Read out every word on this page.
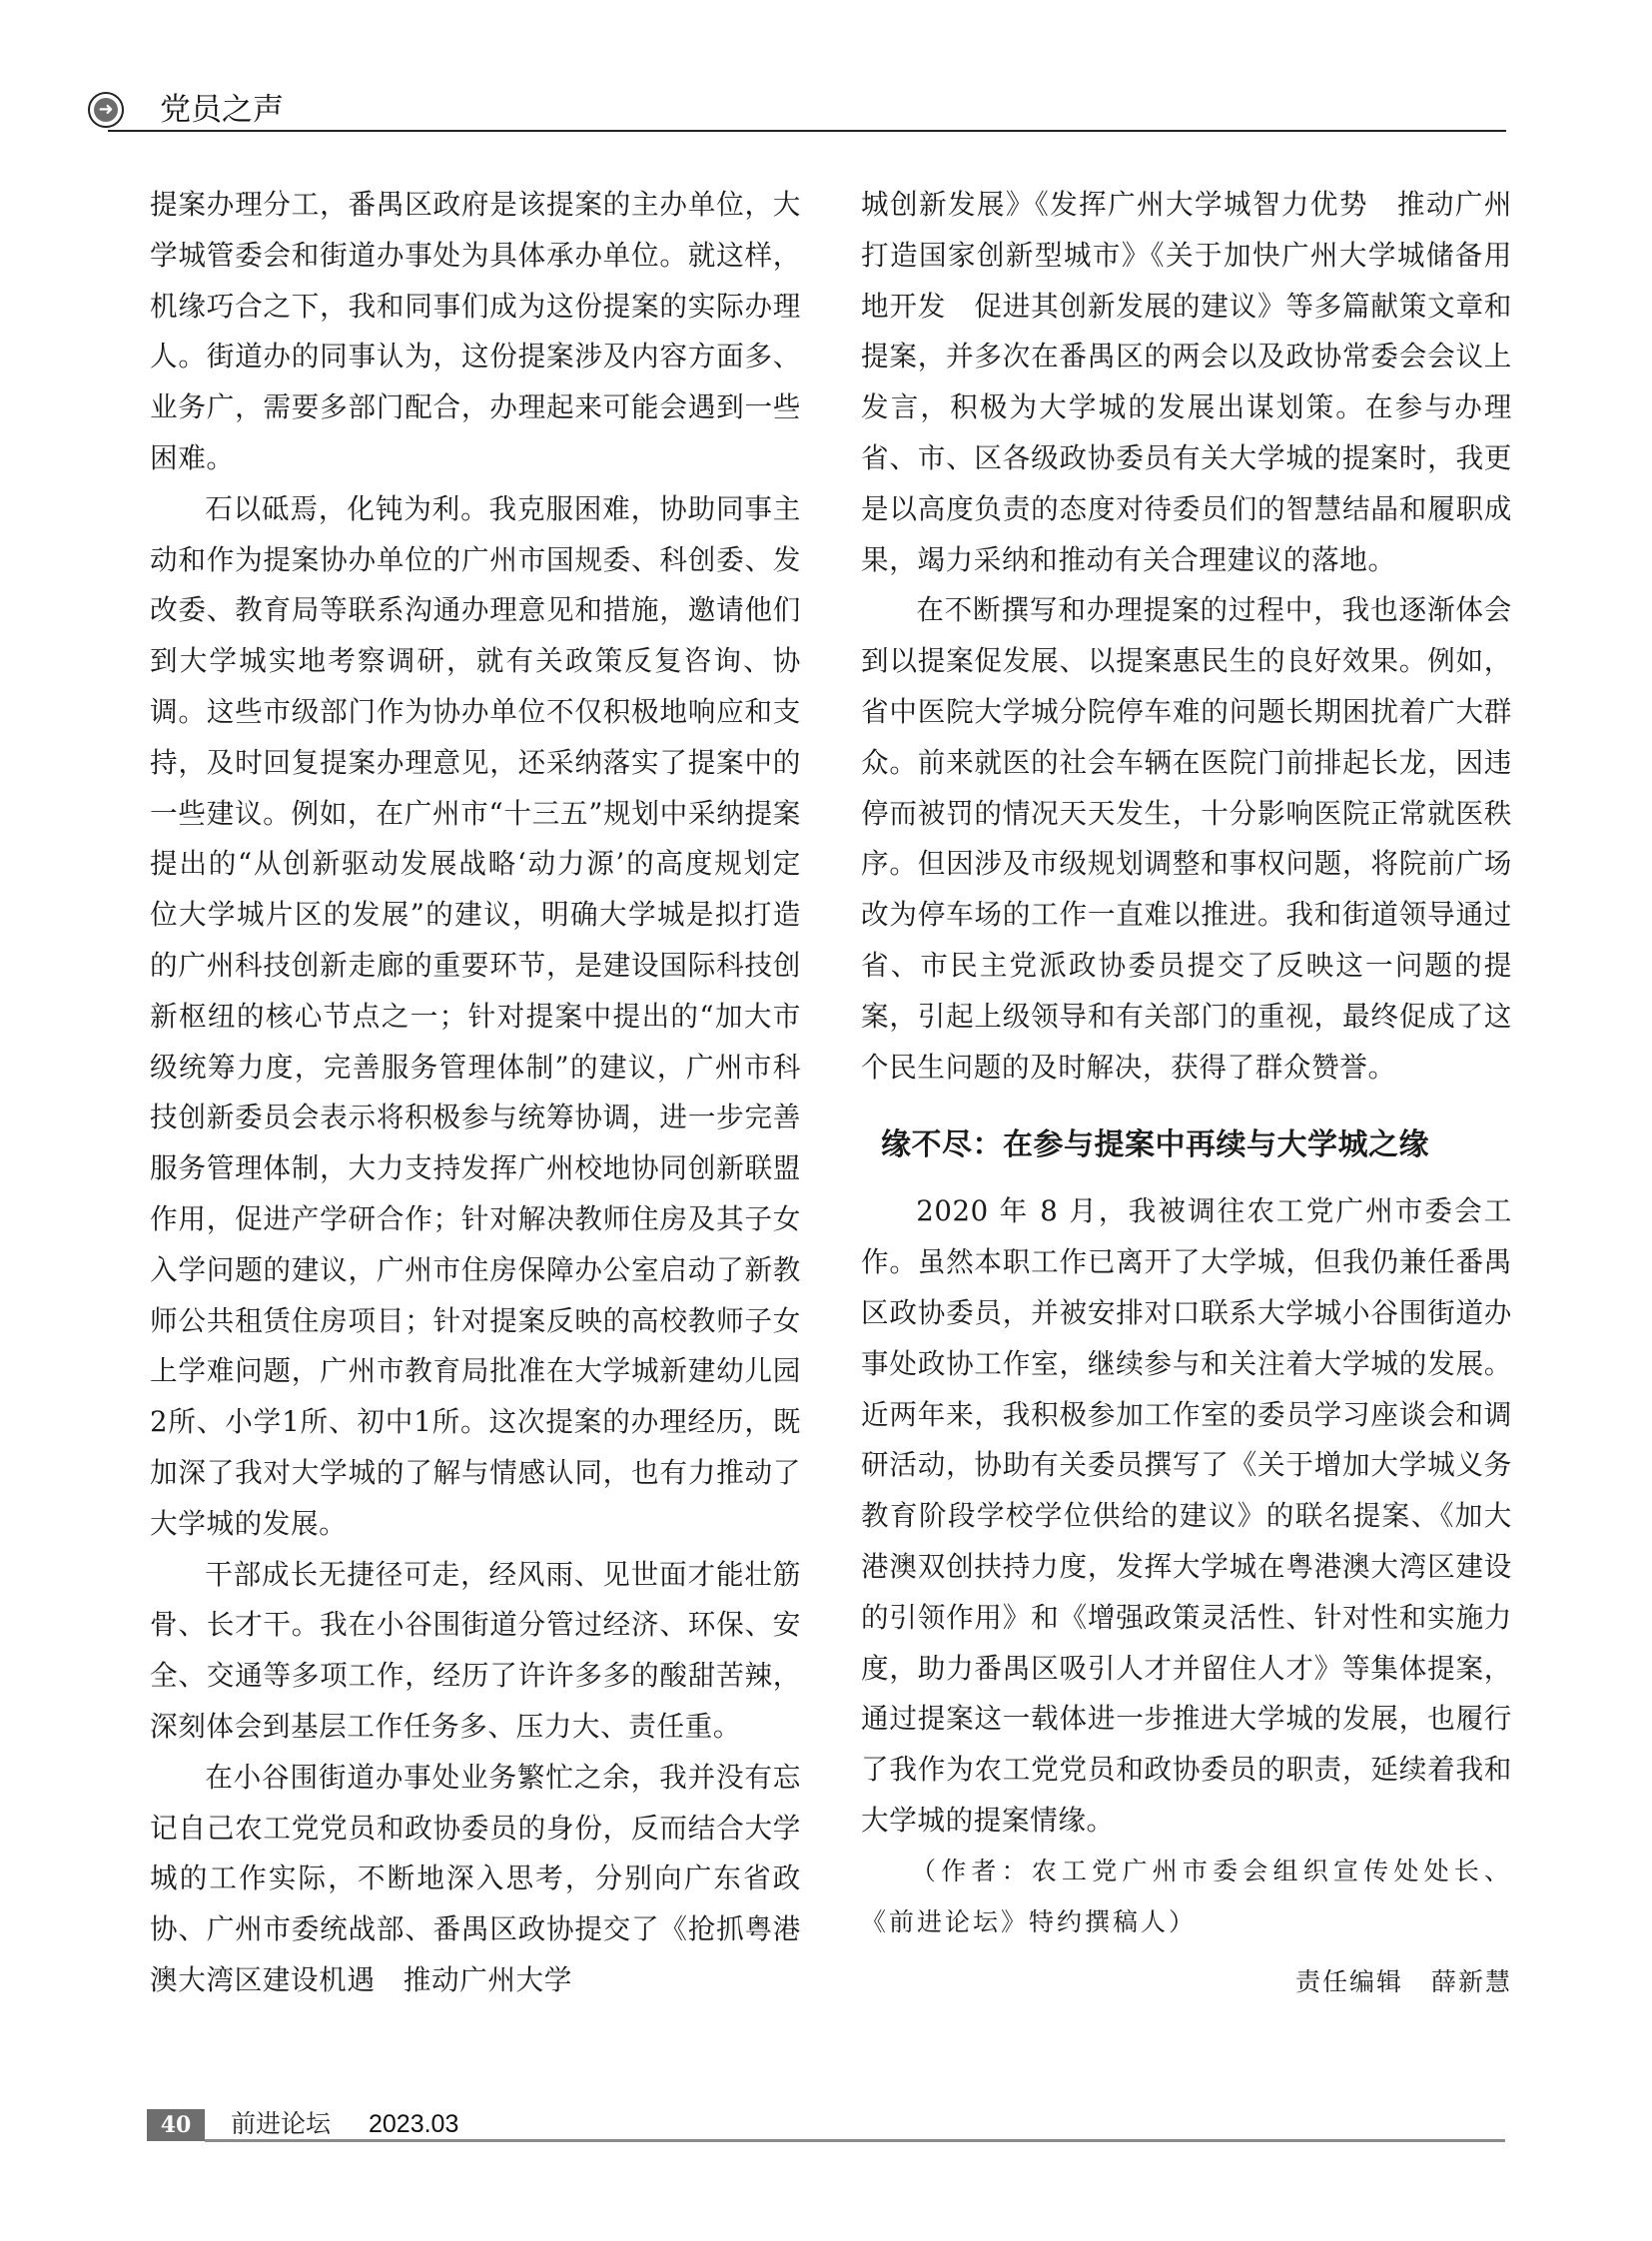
➜ 党员之声

提案办理分工，番禺区政府是该提案的主办单位，大学城管委会和街道办事处为具体承办单位。就这样，机缘巧合之下，我和同事们成为这份提案的实际办理人。街道办的同事认为，这份提案涉及内容方面多、业务广，需要多部门配合，办理起来可能会遇到一些困难。

石以砥焉，化钝为利。我克服困难，协助同事主动和作为提案协办单位的广州市国规委、科创委、发改委、教育局等联系沟通办理意见和措施，邀请他们到大学城实地考察调研，就有关政策反复咨询、协调。这些市级部门作为协办单位不仅积极地响应和支持，及时回复提案办理意见，还采纳落实了提案中的一些建议。例如，在广州市“十三五”规划中采纳提案提出的“从创新驱动发展战略‘动力源’的高度规划定位大学城片区的发展”的建议，明确大学城是拟打造的广州科技创新走廊的重要环节，是建设国际科技创新枢纽的核心节点之一；针对提案中提出的“加大市级统筹力度，完善服务管理体制”的建议，广州市科技创新委员会表示将积极参与统筹协调，进一步完善服务管理体制，大力支持发挥广州校地协同创新联盟作用，促进产学研合作；针对解决教师住房及其子女入学问题的建议，广州市住房保障办公室启动了新教师公共租赁住房项目；针对提案反映的高校教师子女上学难问题，广州市教育局批准在大学城新建幼儿园2所、小学1所、初中1所。这次提案的办理经历，既加深了我对大学城的了解与情感认同，也有力推动了大学城的发展。

干部成长无捷径可走，经风雨、见世面才能壮筋骨、长才干。我在小谷围街道分管过经济、环保、安全、交通等多项工作，经历了许许多多的酸甜苦辣，深刻体会到基层工作任务多、压力大、责任重。

在小谷围街道办事处业务繁忙之余，我并没有忘记自己农工党党员和政协委员的身份，反而结合大学城的工作实际，不断地深入思考，分别向广东省政协、广州市委统战部、番禺区政协提交了《抢抓粤港澳大湾区建设机遇　推动广州大学

城创新发展》《发挥广州大学城智力优势　推动广州打造国家创新型城市》《关于加快广州大学城储备用地开发　促进其创新发展的建议》等多篇献策文章和提案，并多次在番禺区的两会以及政协常委会会议上发言，积极为大学城的发展出谋划策。在参与办理省、市、区各级政协委员有关大学城的提案时，我更是以高度负责的态度对待委员们的智慧结晶和履职成果，竭力采纳和推动有关合理建议的落地。

在不断撰写和办理提案的过程中，我也逐渐体会到以提案促发展、以提案惠民生的良好效果。例如，省中医院大学城分院停车难的问题长期困扰着广大群众。前来就医的社会车辆在医院门前排起长龙，因违停而被罚的情况天天发生，十分影响医院正常就医秩序。但因涉及市级规划调整和事权问题，将院前广场改为停车场的工作一直难以推进。我和街道领导通过省、市民主党派政协委员提交了反映这一问题的提案，引起上级领导和有关部门的重视，最终促成了这个民生问题的及时解决，获得了群众赞誉。

缘不尽：在参与提案中再续与大学城之缘

2020 年 8 月，我被调往农工党广州市委会工作。虽然本职工作已离开了大学城，但我仍兼任番禺区政协委员，并被安排对口联系大学城小谷围街道办事处政协工作室，继续参与和关注着大学城的发展。近两年来，我积极参加工作室的委员学习座谈会和调研活动，协助有关委员撰写了《关于增加大学城义务教育阶段学校学位供给的建议》的联名提案、《加大港澳双创扶持力度，发挥大学城在粤港澳大湾区建设的引领作用》和《增强政策灵活性、针对性和实施力度，助力番禺区吸引人才并留住人才》等集体提案，通过提案这一载体进一步推进大学城的发展，也履行了我作为农工党党员和政协委员的职责，延续着我和大学城的提案情缘。

（作者：农工党广州市委会组织宣传处处长、《前进论坛》特约撰稿人）

责任编辑 薛新慧
40	前进论坛 2023.03
